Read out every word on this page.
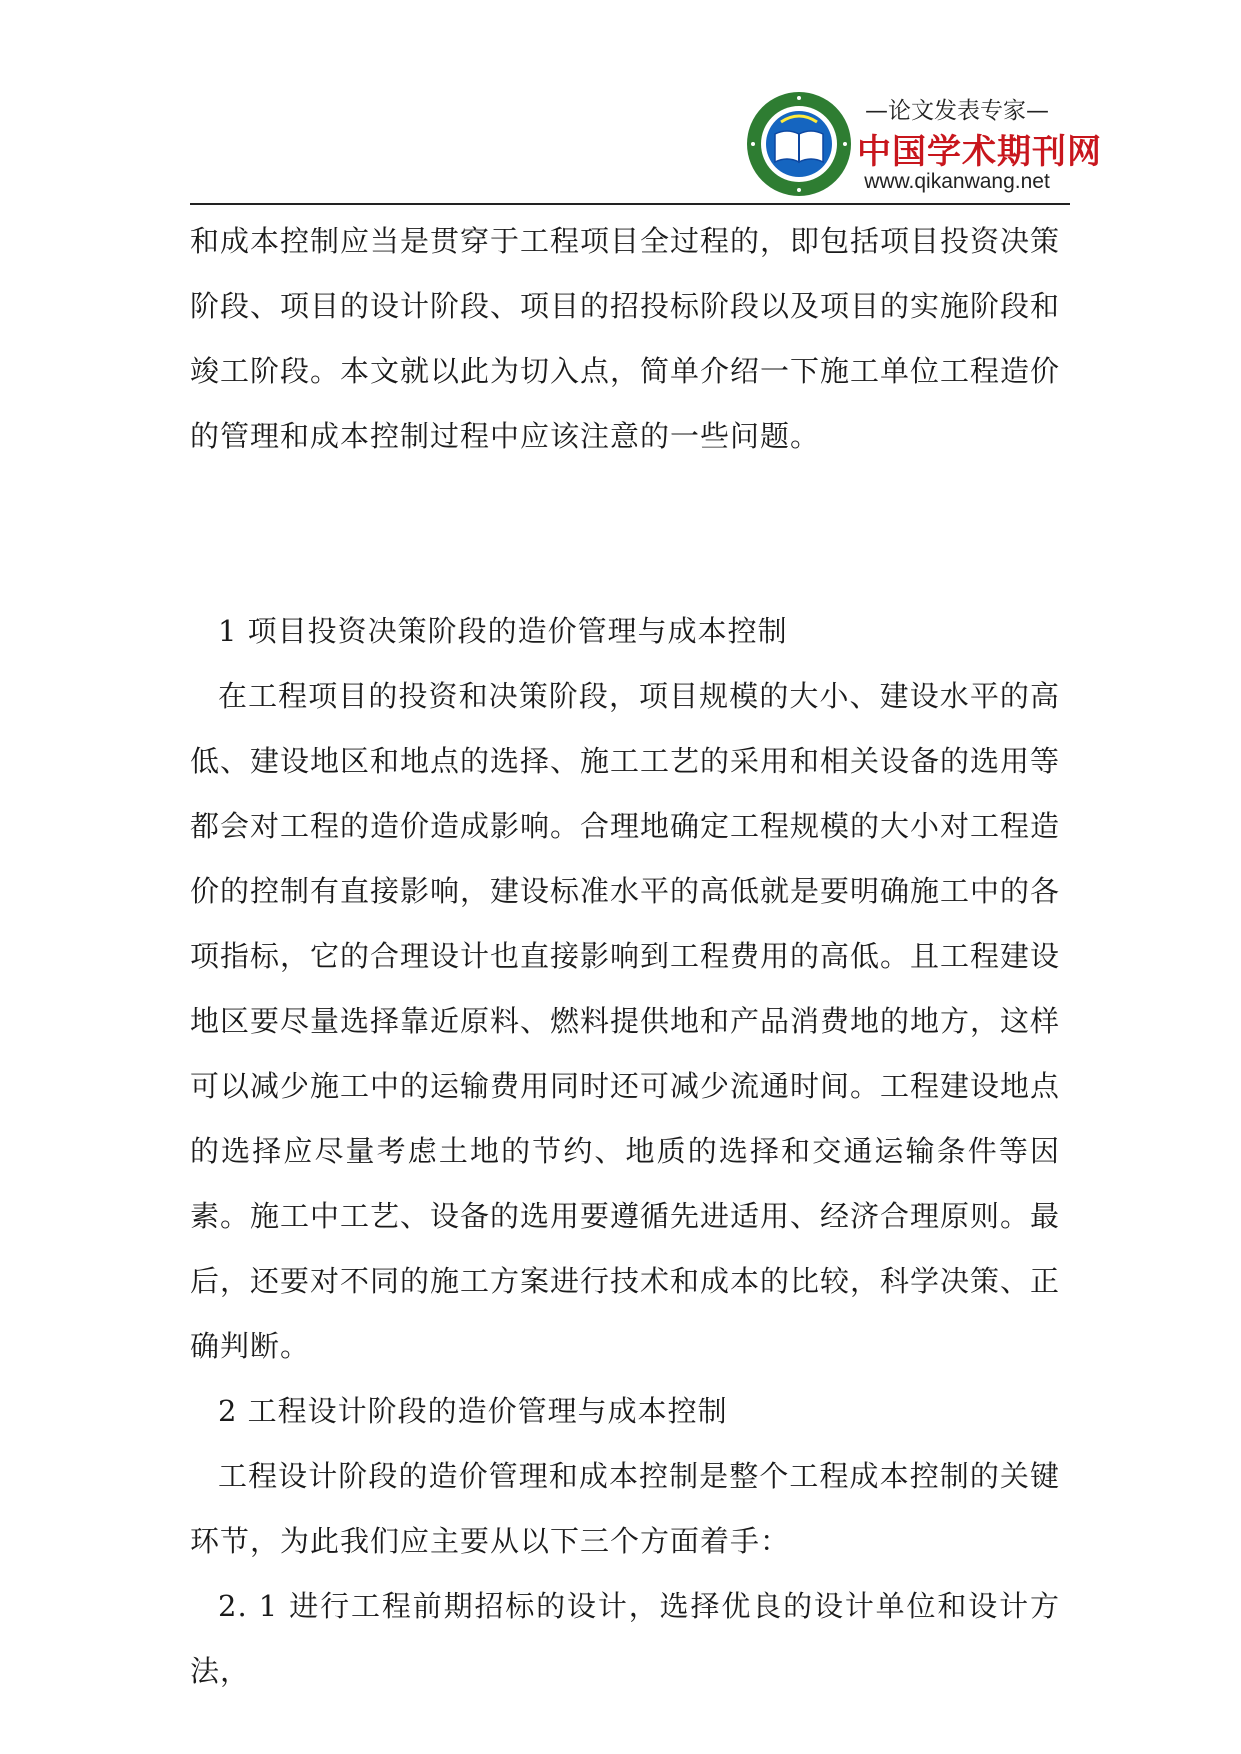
—论文发表专家—
中国学术期刊网
www.qikanwang.net

和成本控制应当是贯穿于工程项目全过程的，即包括项目投资决策阶段、项目的设计阶段、项目的招投标阶段以及项目的实施阶段和竣工阶段。本文就以此为切入点，简单介绍一下施工单位工程造价的管理和成本控制过程中应该注意的一些问题。

1 项目投资决策阶段的造价管理与成本控制

在工程项目的投资和决策阶段，项目规模的大小、建设水平的高低、建设地区和地点的选择、施工工艺的采用和相关设备的选用等都会对工程的造价造成影响。合理地确定工程规模的大小对工程造价的控制有直接影响，建设标准水平的高低就是要明确施工中的各项指标，它的合理设计也直接影响到工程费用的高低。且工程建设地区要尽量选择靠近原料、燃料提供地和产品消费地的地方，这样可以减少施工中的运输费用同时还可减少流通时间。工程建设地点的选择应尽量考虑土地的节约、地质的选择和交通运输条件等因素。施工中工艺、设备的选用要遵循先进适用、经济合理原则。最后，还要对不同的施工方案进行技术和成本的比较，科学决策、正确判断。

2 工程设计阶段的造价管理与成本控制

工程设计阶段的造价管理和成本控制是整个工程成本控制的关键环节，为此我们应主要从以下三个方面着手：

2. 1 进行工程前期招标的设计，选择优良的设计单位和设计方法，
